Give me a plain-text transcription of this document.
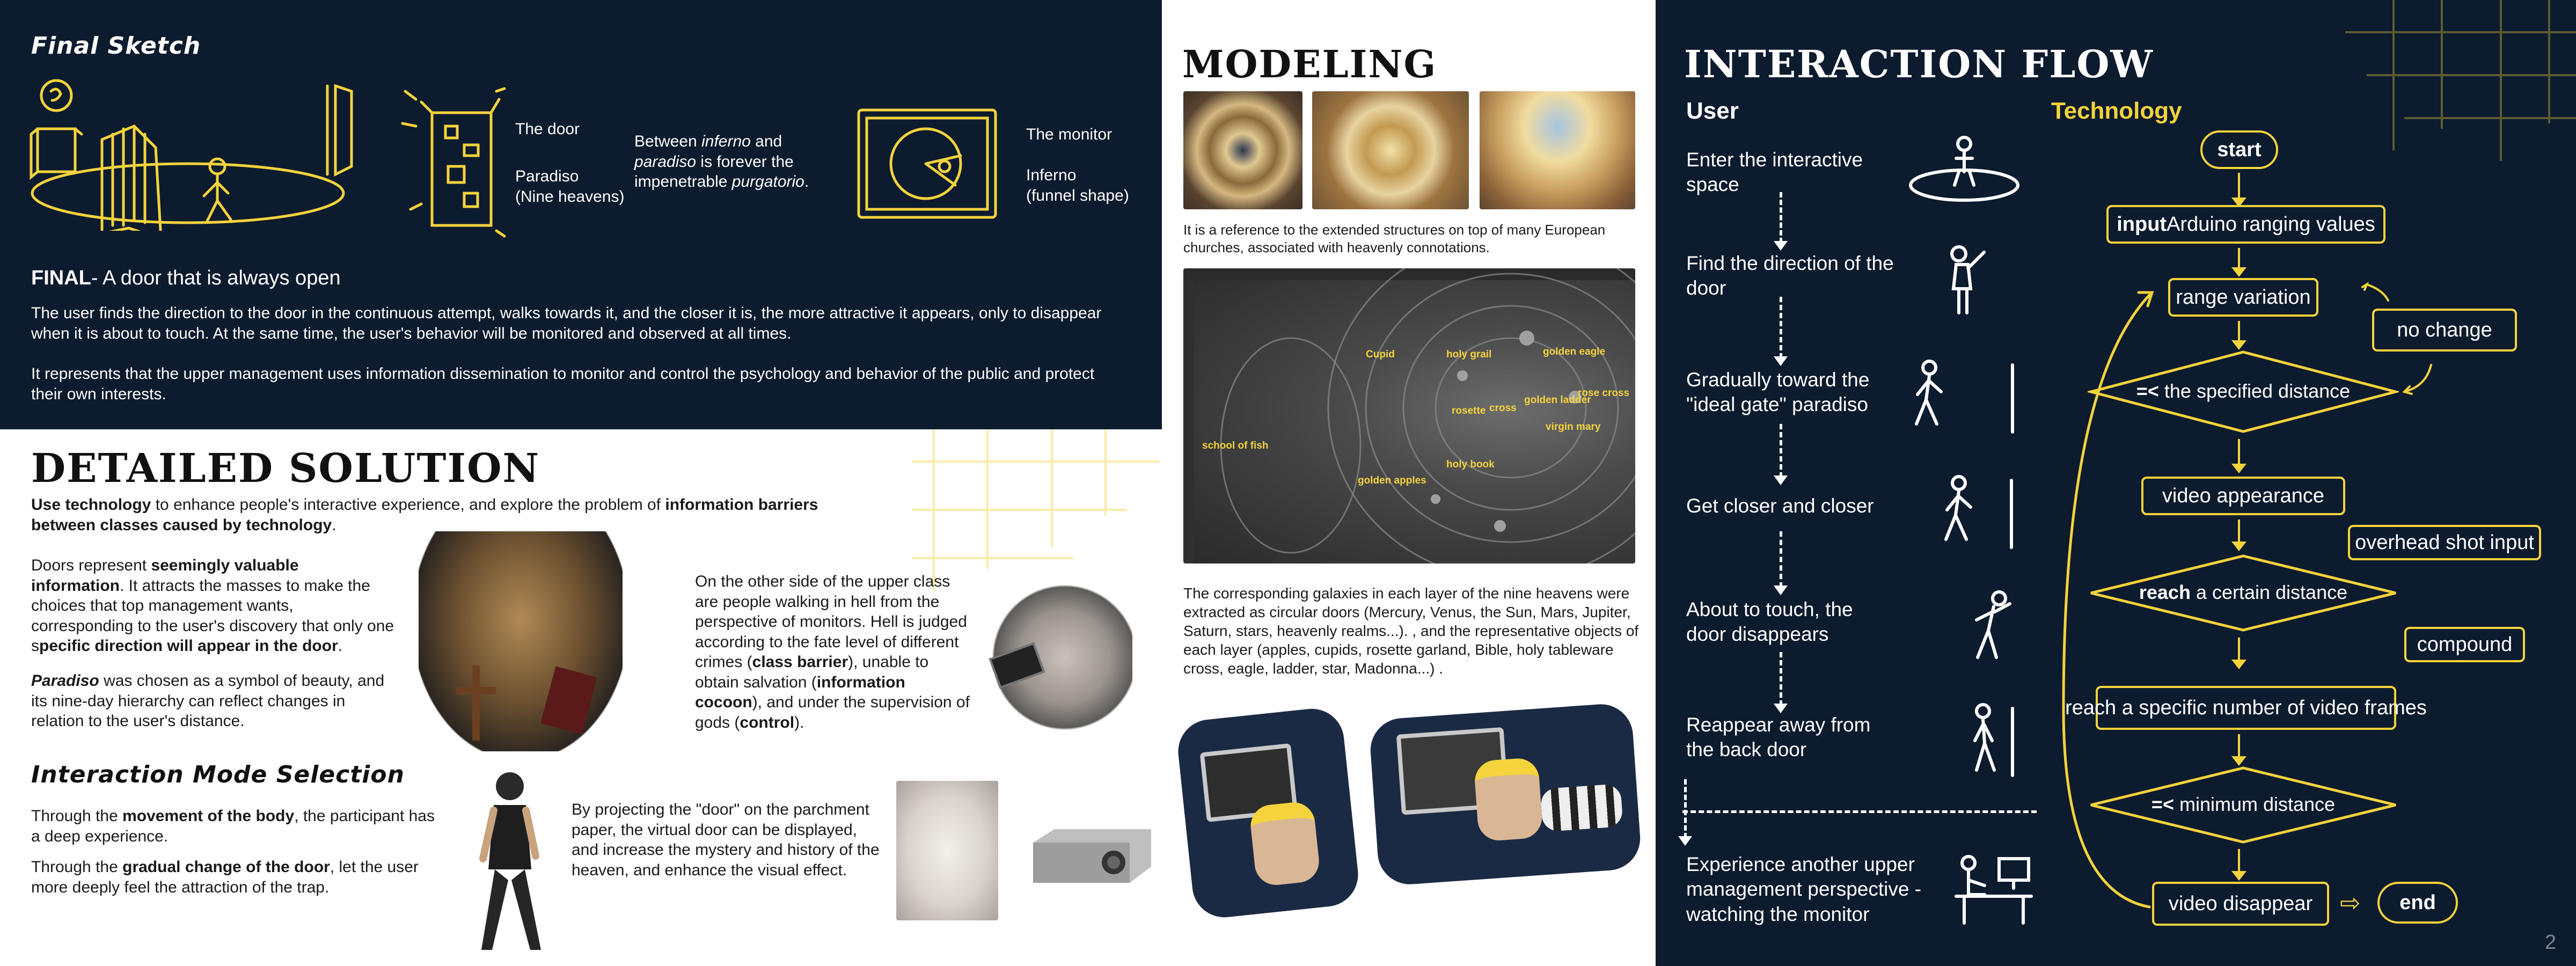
Final Sketch

The door

Paradiso
(Nine heavens)

Between inferno and paradiso is forever the impenetrable purgatorio.

The monitor

Inferno
(funnel shape)

FINAL- A door that is always open

The user finds the direction to the door in the continuous attempt, walks towards it, and the closer it is, the more attractive it appears, only to disappear when it is about to touch. At the same time, the user's behavior will be monitored and observed at all times.

It represents that the upper management uses information dissemination to monitor and control the psychology and behavior of the public and protect their own interests.

DETAILED SOLUTION

Use technology to enhance people's interactive experience, and explore the problem of information barriers between classes caused by technology.

Doors represent seemingly valuable information. It attracts the masses to make the choices that top management wants, corresponding to the user's discovery that only one specific direction will appear in the door.

Paradiso was chosen as a symbol of beauty, and its nine-day hierarchy can reflect changes in relation to the user's distance.

On the other side of the upper class are people walking in hell from the perspective of monitors. Hell is judged according to the fate level of different crimes (class barrier), unable to obtain salvation (information cocoon), and under the supervision of gods (control).

Interaction Mode Selection

Through the movement of the body, the participant has a deep experience.

Through the gradual change of the door, let the user more deeply feel the attraction of the trap.

By projecting the "door" on the parchment paper, the virtual door can be displayed, and increase the mystery and history of the heaven, and enhance the visual effect.

MODELING

It is a reference to the extended structures on top of many European churches, associated with heavenly connotations.

Cupid	holy grail	golden eagle
golden ladder
rose cross
rosette cross
virgin mary
school of fish
holy book
golden apples

The corresponding galaxies in each layer of the nine heavens were extracted as circular doors (Mercury, Venus, the Sun, Mars, Jupiter, Saturn, stars, heavenly realms...). , and the representative objects of each layer (apples, cupids, rosette garland, Bible, holy tableware cross, eagle, ladder, star, Madonna...) .

INTERACTION FLOW
User	Technology

Enter the interactive space

Find the direction of the door

Gradually toward the "ideal gate" paradiso

Get closer and closer

About to touch, the door disappears

Reappear away from the back door

Experience another upper management perspective - watching the monitor

start
input Arduino ranging values
range variation
=< the specified distance
no change
video appearance
overhead shot input
reach a certain distance
compound
reach a specific number of video frames
=< minimum distance
video disappear	⇨	end
2
